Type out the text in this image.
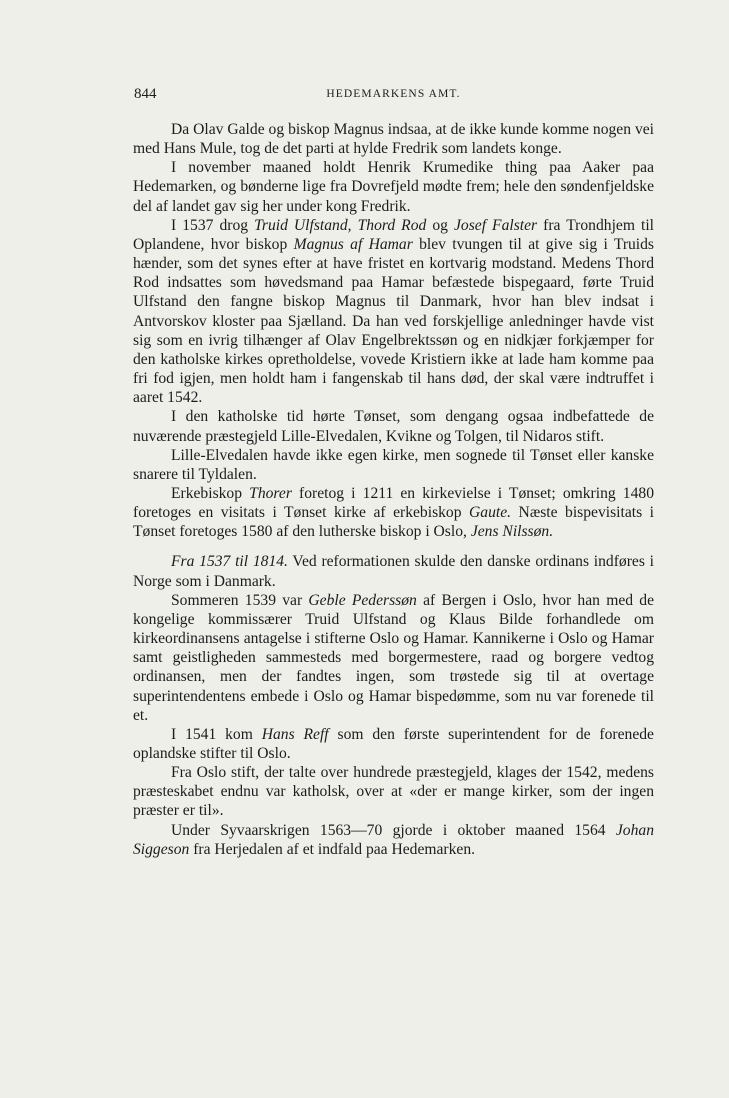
844	HEDEMARKENS AMT.

Da Olav Galde og biskop Magnus indsaa, at de ikke kunde komme nogen vei med Hans Mule, tog de det parti at hylde Fredrik som landets konge.

I november maaned holdt Henrik Krumedike thing paa Aaker paa Hedemarken, og bønderne lige fra Dovrefjeld mødte frem; hele den søndenfjeldske del af landet gav sig her under kong Fredrik.

I 1537 drog Truid Ulfstand, Thord Rod og Josef Falster fra Trondhjem til Oplandene, hvor biskop Magnus af Hamar blev tvungen til at give sig i Truids hænder, som det synes efter at have fristet en kortvarig modstand. Medens Thord Rod indsattes som høvedsmand paa Hamar befæstede bispegaard, førte Truid Ulfstand den fangne biskop Magnus til Danmark, hvor han blev indsat i Antvorskov kloster paa Sjælland. Da han ved forskjellige anledninger havde vist sig som en ivrig tilhænger af Olav Engelbrektssøn og en nidkjær forkjæmper for den katholske kirkes opretholdelse, vovede Kristiern ikke at lade ham komme paa fri fod igjen, men holdt ham i fangenskab til hans død, der skal være indtruffet i aaret 1542.

I den katholske tid hørte Tønset, som dengang ogsaa indbefattede de nuværende præstegjeld Lille-Elvedalen, Kvikne og Tolgen, til Nidaros stift.

Lille-Elvedalen havde ikke egen kirke, men sognede til Tønset eller kanske snarere til Tyldalen.

Erkebiskop Thorer foretog i 1211 en kirkevielse i Tønset; omkring 1480 foretoges en visitats i Tønset kirke af erkebiskop Gaute. Næste bispevisitats i Tønset foretoges 1580 af den lutherske biskop i Oslo, Jens Nilssøn.

Fra 1537 til 1814. Ved reformationen skulde den danske ordinans indføres i Norge som i Danmark.

Sommeren 1539 var Geble Pederssøn af Bergen i Oslo, hvor han med de kongelige kommissærer Truid Ulfstand og Klaus Bilde forhandlede om kirkeordinansens antagelse i stifterne Oslo og Hamar. Kannikerne i Oslo og Hamar samt geistligheden sammesteds med borgermestere, raad og borgere vedtog ordinansen, men der fandtes ingen, som trøstede sig til at overtage superintendentens embede i Oslo og Hamar bispedømme, som nu var forenede til et.

I 1541 kom Hans Reff som den første superintendent for de forenede oplandske stifter til Oslo.

Fra Oslo stift, der talte over hundrede præstegjeld, klages der 1542, medens præsteskabet endnu var katholsk, over at «der er mange kirker, som der ingen præster er til».

Under Syvaarskrigen 1563—70 gjorde i oktober maaned 1564 Johan Siggeson fra Herjedalen af et indfald paa Hedemarken.
